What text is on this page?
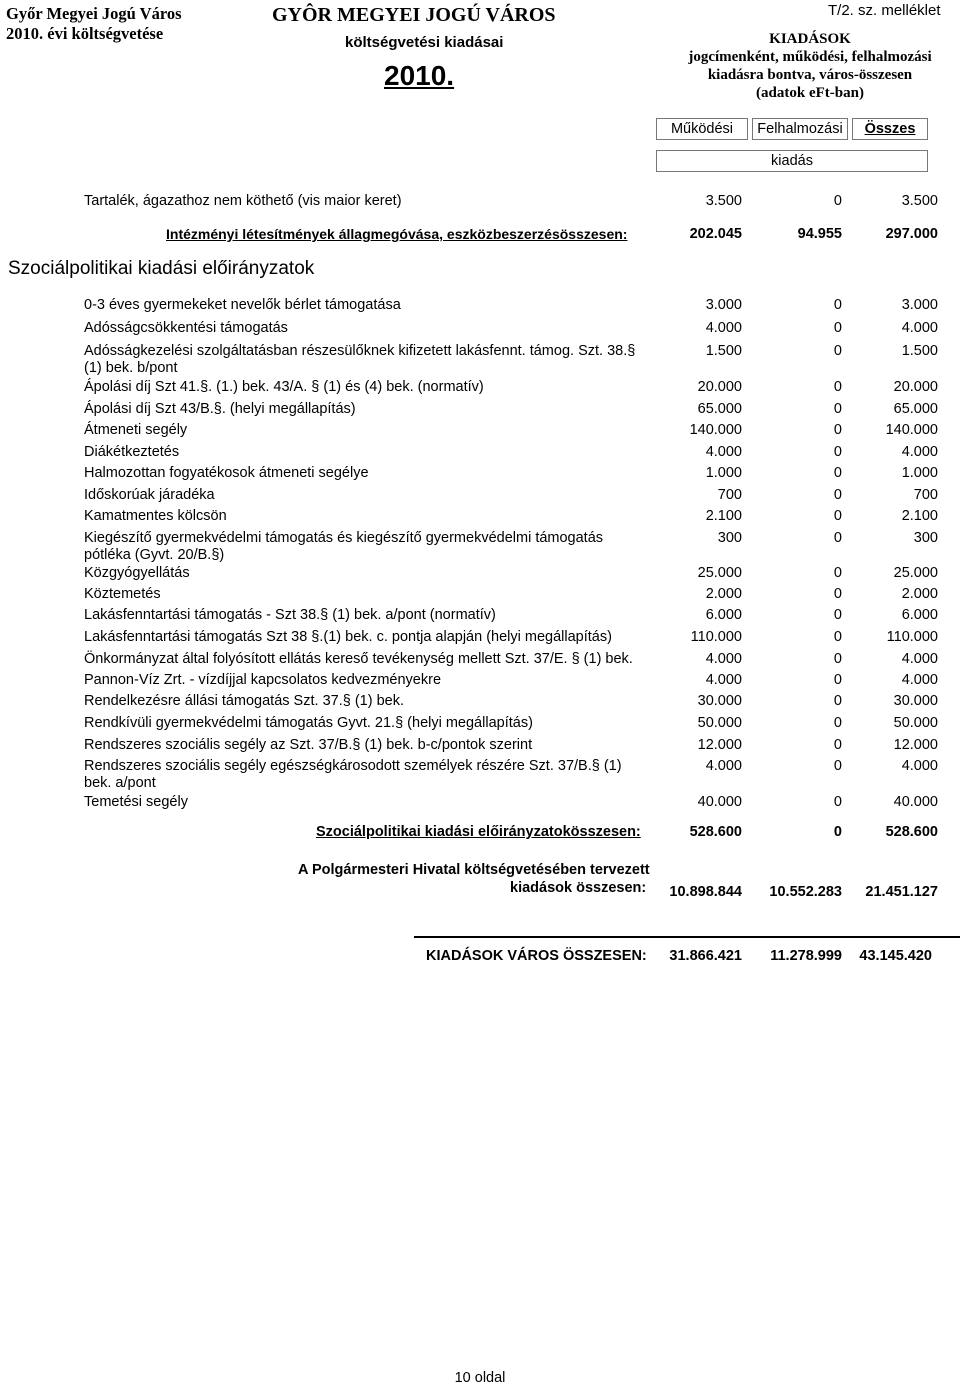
Győr Megyei Jogú Város
2010. évi költségvetése
GYÔR MEGYEI JOGÚ VÁROS
költségvetési kiadásai
2010.
T/2. sz. melléklet
KIADÁSOK
jogcímenként, működési, felhalmozási
kiadásra bontva, város-összesen
(adatok eFt-ban)
Működési	Felhalmozási	Összes
kiadás
Tartalék, ágazathoz nem köthető (vis maior keret)	3.500	0	3.500
Intézményi létesítmények állagmegóvása, eszközbeszerzésösszesen:	202.045	94.955	297.000
Szociálpolitikai kiadási előirányzatok
0-3 éves gyermekeket nevelők bérlet támogatása	3.000	0	3.000
Adósságcsökkentési támogatás	4.000	0	4.000
Adósságkezelési szolgáltatásban részesülőknek kifizetett lakásfennt. támog. Szt. 38.§ (1) bek. b/pont
1.500	0	1.500
Ápolási díj Szt 41.§. (1.) bek. 43/A. § (1) és (4) bek. (normatív)	20.000	0	20.000
Ápolási díj Szt 43/B.§. (helyi megállapítás)	65.000	0	65.000
Átmeneti segély	140.000	0	140.000
Diákétkeztetés	4.000	0	4.000
Halmozottan fogyatékosok átmeneti segélye	1.000	0	1.000
Időskorúak járadéka	700	0	700
Kamatmentes kölcsön	2.100	0	2.100
Kiegészítő gyermekvédelmi támogatás és kiegészítő gyermekvédelmi támogatás pótléka (Gyvt. 20/B.§)
300	0	300
Közgyógyellátás	25.000	0	25.000
Köztemetés	2.000	0	2.000
Lakásfenntartási támogatás - Szt 38.§ (1) bek. a/pont (normatív)	6.000	0	6.000
Lakásfenntartási támogatás Szt 38 §.(1) bek. c. pontja alapján (helyi megállapítás)	110.000	0	110.000
Önkormányzat által folyósított ellátás kereső tevékenység mellett Szt. 37/E. § (1) bek.	4.000	0	4.000
Pannon-Víz Zrt. - vízdíjjal kapcsolatos kedvezményekre	4.000	0	4.000
Rendelkezésre állási támogatás Szt. 37.§ (1) bek.	30.000	0	30.000
Rendkívüli gyermekvédelmi támogatás Gyvt. 21.§ (helyi megállapítás)	50.000	0	50.000
Rendszeres szociális segély az Szt. 37/B.§ (1) bek. b-c/pontok szerint	12.000	0	12.000
Rendszeres szociális segély egészségkárosodott személyek részére Szt. 37/B.§ (1) bek. a/pont
4.000	0	4.000
Temetési segély	40.000	0	40.000
Szociálpolitikai kiadási előirányzatokösszesen:	528.600	0	528.600
A Polgármesteri Hivatal költségvetésében tervezett
kiadások összesen:	10.898.844	10.552.283	21.451.127
KIADÁSOK VÁROS ÖSSZESEN:	31.866.421	11.278.999	43.145.420
10 oldal
